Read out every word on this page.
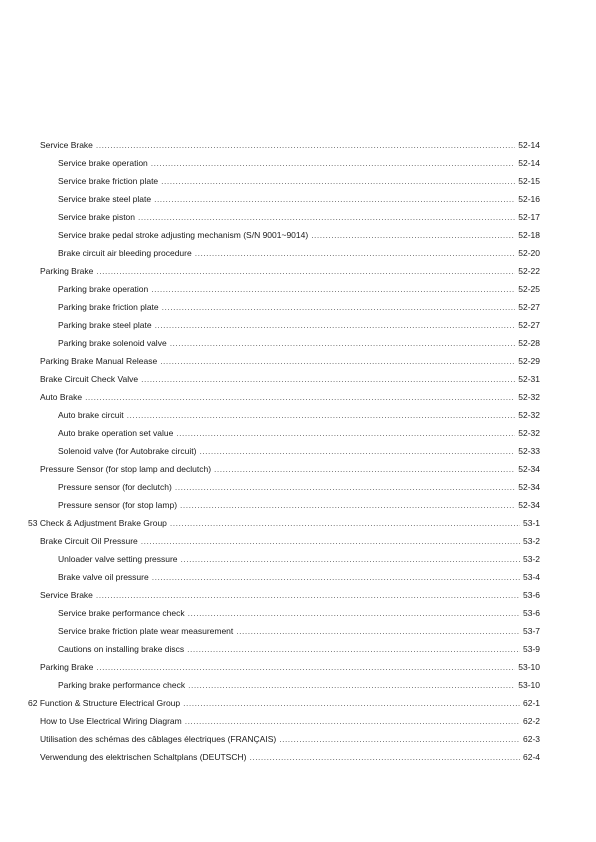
Service Brake .....	52-14
Service brake operation .....	52-14
Service brake friction plate .....	52-15
Service brake steel plate .....	52-16
Service brake piston .....	52-17
Service brake pedal stroke adjusting mechanism (S/N 9001~9014) .....	52-18
Brake circuit air bleeding procedure .....	52-20
Parking Brake .....	52-22
Parking brake operation .....	52-25
Parking brake friction plate .....	52-27
Parking brake steel plate .....	52-27
Parking brake solenoid valve .....	52-28
Parking Brake Manual Release .....	52-29
Brake Circuit Check Valve .....	52-31
Auto Brake .....	52-32
Auto brake circuit .....	52-32
Auto brake operation set value .....	52-32
Solenoid valve (for Autobrake circuit) .....	52-33
Pressure Sensor (for stop lamp and declutch) .....	52-34
Pressure sensor (for declutch) .....	52-34
Pressure sensor (for stop lamp) .....	52-34
53 Check & Adjustment Brake Group .....	53-1
Brake Circuit Oil Pressure .....	53-2
Unloader valve setting pressure .....	53-2
Brake valve oil pressure .....	53-4
Service Brake .....	53-6
Service brake performance check .....	53-6
Service brake friction plate wear measurement .....	53-7
Cautions on installing brake discs .....	53-9
Parking Brake .....	53-10
Parking brake performance check .....	53-10
62 Function & Structure Electrical Group .....	62-1
How to Use Electrical Wiring Diagram .....	62-2
Utilisation des schémas des câblages électriques (FRANÇAIS) .....	62-3
Verwendung des elektrischen Schaltplans (DEUTSCH) .....	62-4
